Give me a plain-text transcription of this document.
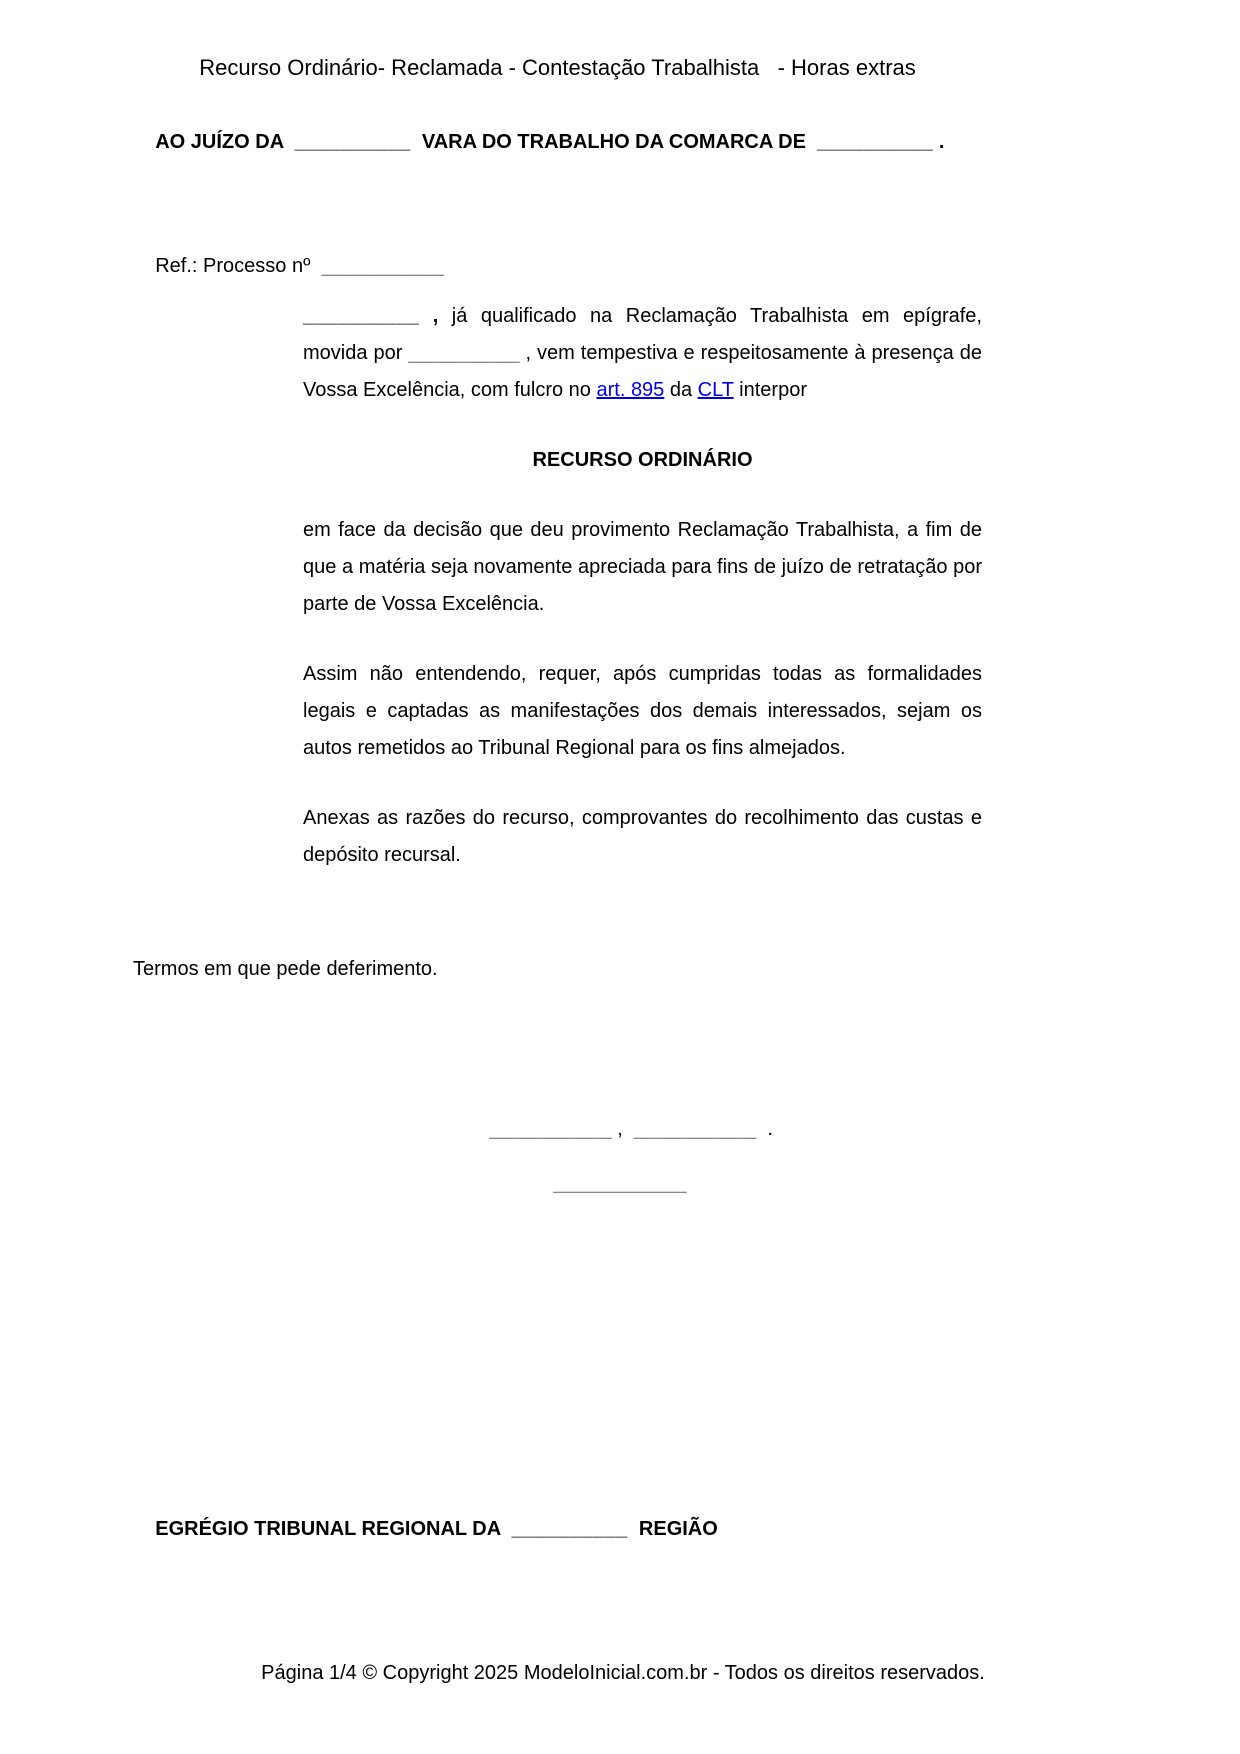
Recurso Ordinário- Reclamada - Contestação Trabalhista   - Horas extras

AO JUÍZO DA  __________  VARA DO TRABALHO DA COMARCA DE  __________ .

Ref.: Processo nº  ___________

__________ , já qualificado na Reclamação Trabalhista em epígrafe, movida por __________ , vem tempestiva e respeitosamente à presença de Vossa Excelência, com fulcro no art. 895 da CLT interpor

RECURSO ORDINÁRIO

em face da decisão que deu provimento Reclamação Trabalhista, a fim de que a matéria seja novamente apreciada para fins de juízo de retratação por parte de Vossa Excelência.

Assim não entendendo, requer, após cumpridas todas as formalidades legais e captadas as manifestações dos demais interessados, sejam os autos remetidos ao Tribunal Regional para os fins almejados.

Anexas as razões do recurso, comprovantes do recolhimento das custas e depósito recursal.

Termos em que pede deferimento.

___________ ,  ___________  .

____________

EGRÉGIO TRIBUNAL REGIONAL DA  __________  REGIÃO

Página 1/4 © Copyright 2025 ModeloInicial.com.br - Todos os direitos reservados.
